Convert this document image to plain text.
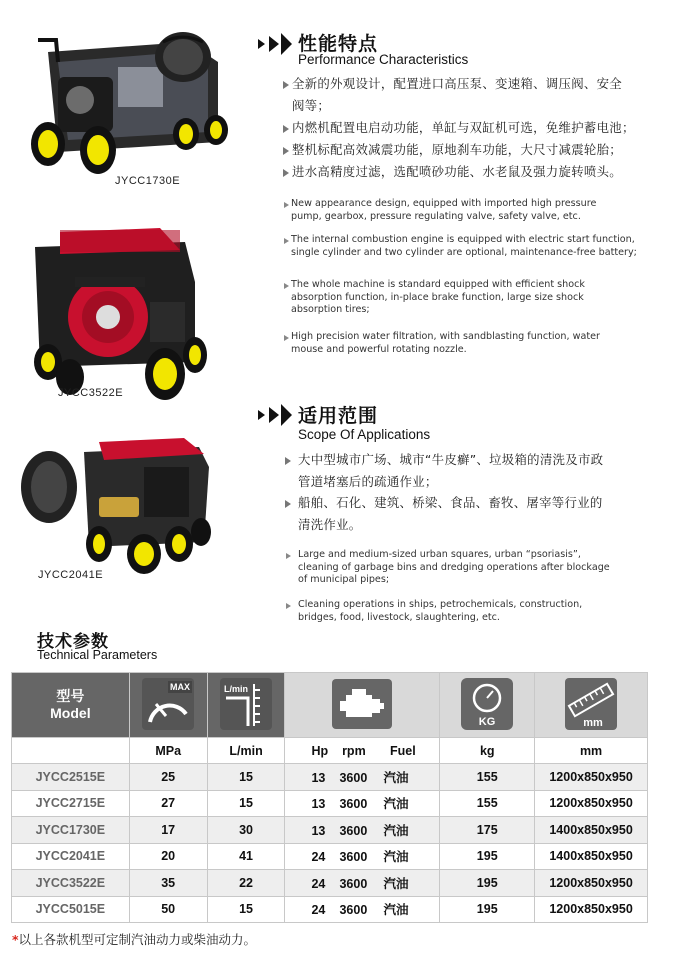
JYCC1730E
JYCC3522E
JYCC2041E
性能特点
Performance Characteristics
全新的外观设计，配置进口高压泵、变速箱、调压阀、安全
阀等；
内燃机配置电启动功能，单缸与双缸机可选，免维护蓄电池；
整机标配高效减震功能，原地刹车功能，大尺寸减震轮胎；
进水高精度过滤，选配喷砂功能、水老鼠及强力旋转喷头。
New appearance design, equipped with imported high pressure
pump, gearbox, pressure regulating valve, safety valve, etc.
The internal combustion engine is equipped with electric start function,
single cylinder and two cylinder are optional, maintenance-free battery;
The whole machine is standard equipped with efficient shock
absorption function, in-place brake function, large size shock
absorption tires;
High precision water filtration, with sandblasting function, water
mouse and powerful rotating nozzle.
适用范围
Scope Of Applications
大中型城市广场、城市“牛皮癣”、垃圾箱的清洗及市政
管道堵塞后的疏通作业；
船舶、石化、建筑、桥梁、食品、畜牧、屠宰等行业的
清洗作业。
Large and medium-sized urban squares, urban “psoriasis”,
cleaning of garbage bins and dredging operations after blockage
of municipal pipes;
Cleaning operations in ships, petrochemicals, construction,
bridges, food, livestock, slaughtering, etc.
技术参数
Technical Parameters
型号
Model	MAX	L/min		KG	mm

	MPa	L/min	Hp rpm Fuel	kg	mm
JYCC2515E	25	15	13 3600 汽油	155	1200x850x950
JYCC2715E	27	15	13 3600 汽油	155	1200x850x950
JYCC1730E	17	30	13 3600 汽油	175	1400x850x950
JYCC2041E	20	41	24 3600 汽油	195	1400x850x950
JYCC3522E	35	22	24 3600 汽油	195	1200x850x950
JYCC5015E	50	15	24 3600 汽油	195	1200x850x950
*以上各款机型可定制汽油动力或柴油动力。
